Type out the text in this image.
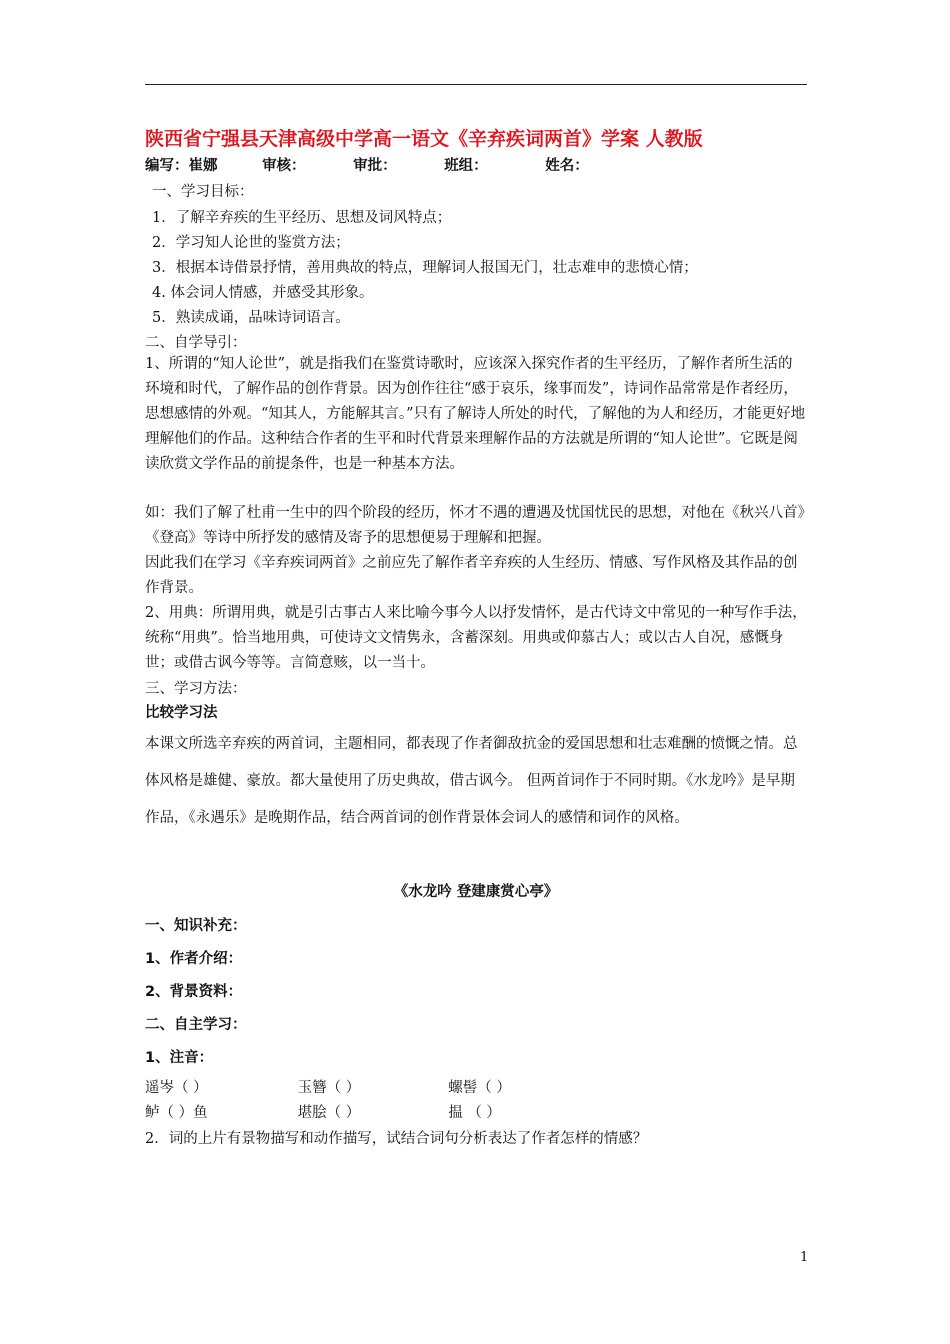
陕西省宁强县天津高级中学高一语文《辛弃疾词两首》学案 人教版
编写：崔娜	审核：	审批：	班组：	姓名：
一、学习目标：
1．了解辛弃疾的生平经历、思想及词风特点；
2．学习知人论世的鉴赏方法；
3．根据本诗借景抒情，善用典故的特点，理解词人报国无门，壮志难申的悲愤心情；
4. 体会词人情感，并感受其形象。
5．熟读成诵，品味诗词语言。
二、自学导引：
1、所谓的“知人论世”，就是指我们在鉴赏诗歌时，应该深入探究作者的生平经历，了解作者所生活的环境和时代，了解作品的创作背景。因为创作往往“感于哀乐，缘事而发”，诗词作品常常是作者经历，思想感情的外观。“知其人，方能解其言。”只有了解诗人所处的时代，了解他的为人和经历，才能更好地理解他们的作品。这种结合作者的生平和时代背景来理解作品的方法就是所谓的“知人论世”。它既是阅读欣赏文学作品的前提条件，也是一种基本方法。
如：我们了解了杜甫一生中的四个阶段的经历，怀才不遇的遭遇及忧国忧民的思想，对他在《秋兴八首》《登高》等诗中所抒发的感情及寄予的思想便易于理解和把握。
因此我们在学习《辛弃疾词两首》之前应先了解作者辛弃疾的人生经历、情感、写作风格及其作品的创作背景。
2、用典：所谓用典，就是引古事古人来比喻今事今人以抒发情怀，是古代诗文中常见的一种写作手法，统称“用典”。恰当地用典，可使诗文文情隽永，含蓄深刻。用典或仰慕古人；或以古人自况，感慨身世；或借古讽今等等。言简意赅，以一当十。
三、学习方法：
比较学习法
本课文所选辛弃疾的两首词，主题相同，都表现了作者御敌抗金的爱国思想和壮志难酬的愤慨之情。总体风格是雄健、豪放。都大量使用了历史典故，借古讽今。 但两首词作于不同时期。《水龙吟》是早期作品，《永遇乐》是晚期作品，结合两首词的创作背景体会词人的感情和词作的风格。
《水龙吟 登建康赏心亭》
一、知识补充：
1、作者介绍：
2、背景资料：
二、自主学习：
1、注音：
遥岑（ ）	玉簪（ ）	螺髻（ ）
鲈（ ）鱼	堪脍（ ）	揾 （ ）
2．词的上片有景物描写和动作描写，试结合词句分析表达了作者怎样的情感？
1
